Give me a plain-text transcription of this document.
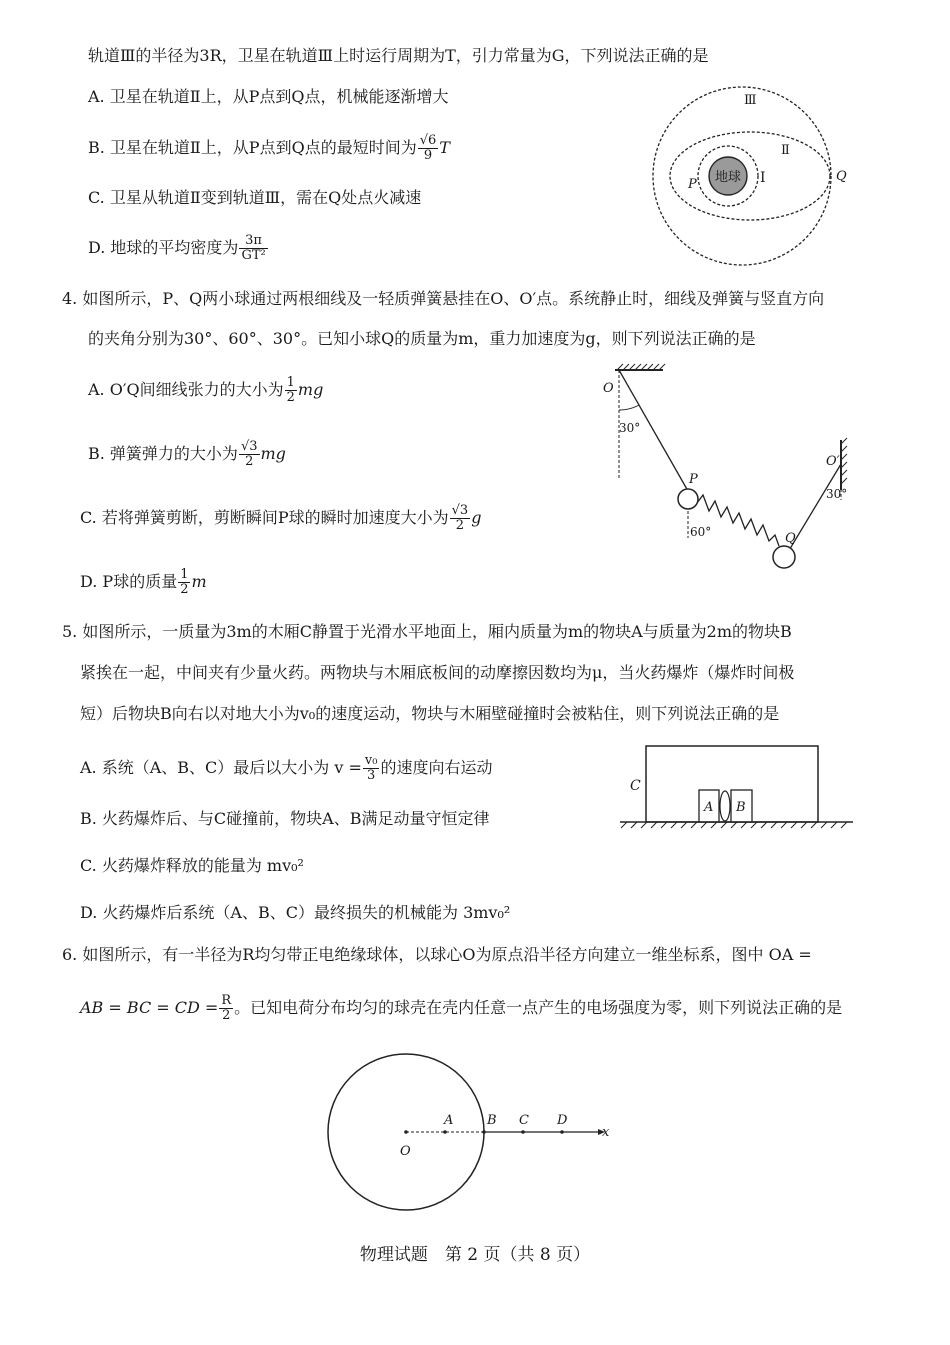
轨道Ⅲ的半径为3R，卫星在轨道Ⅲ上时运行周期为T，引力常量为G，下列说法正确的是
A. 卫星在轨道Ⅱ上，从P点到Q点，机械能逐渐增大
B. 卫星在轨道Ⅱ上，从P点到Q点的最短时间为 $\frac{√6}{9}$ T
C. 卫星从轨道Ⅱ变到轨道Ⅲ，需在Q处点火减速
D. 地球的平均密度为 $\frac{3\pi}{\text{GT²}}$
地球
Ⅲ
Ⅱ
Ⅰ
P
Q
4. 如图所示，P、Q两小球通过两根细线及一轻质弹簧悬挂在O、O′点。系统静止时，细线及弹簧与竖直方向
的夹角分别为30°、60°、30°。已知小球Q的质量为m，重力加速度为g，则下列说法正确的是
A. O′Q间细线张力的大小为 $\frac{1}{2}$ mg
B. 弹簧弹力的大小为 $\frac{√3}{2}$ mg
C. 若将弹簧剪断，剪断瞬间P球的瞬时加速度大小为 $\frac{√3}{2}$ g
D. P球的质量 $\frac{1}{2}$ m
30°
O
O′
30°
60°
P
Q
5. 如图所示，一质量为3m的木厢C静置于光滑水平地面上，厢内质量为m的物块A与质量为2m的物块B
紧挨在一起，中间夹有少量火药。两物块与木厢底板间的动摩擦因数均为μ，当火药爆炸（爆炸时间极
短）后物块B向右以对地大小为v₀的速度运动，物块与木厢壁碰撞时会被粘住，则下列说法正确的是
A. 系统（A、B、C）最后以大小为 $v = \frac{\text{v₀}}{3}$ 的速度向右运动
B. 火药爆炸后、与C碰撞前，物块A、B满足动量守恒定律
C. 火药爆炸释放的能量为 mv₀²
D. 火药爆炸后系统（A、B、C）最终损失的机械能为 3mv₀²
C
A B
6. 如图所示，有一半径为R均匀带正电绝缘球体，以球心O为原点沿半径方向建立一维坐标系，图中 OA =
AB = BC = CD = $\frac{R}{2}$ 。已知电荷分布均匀的球壳在壳内任意一点产生的电场强度为零，则下列说法正确的是
O
A	B C D
x
物理试题　第 2 页（共 8 页）
